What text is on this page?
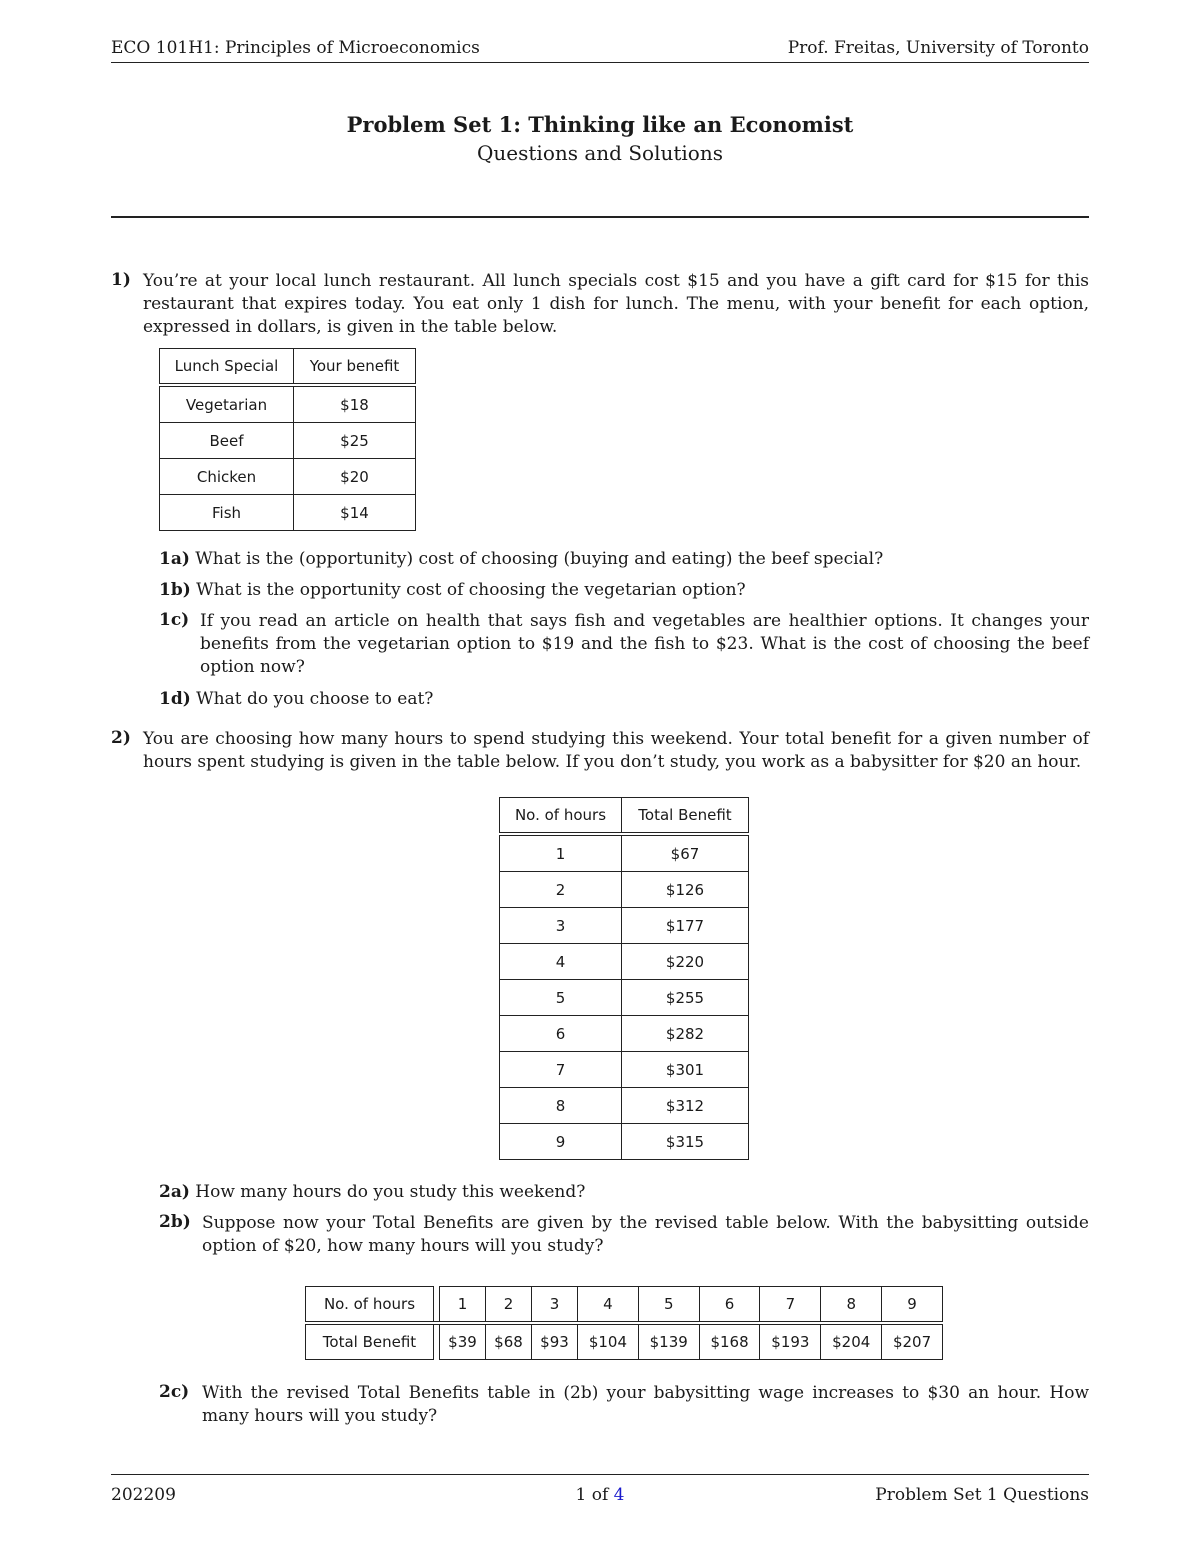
ECO 101H1: Principles of Microeconomics	Prof. Freitas, University of Toronto
Problem Set 1: Thinking like an Economist
Questions and Solutions
1) You’re at your local lunch restaurant. All lunch specials cost $15 and you have a gift card for $15 for this restaurant that expires today. You eat only 1 dish for lunch. The menu, with your benefit for each option, expressed in dollars, is given in the table below.
Lunch Special	Your benefit

Vegetarian	$18
Beef	$25
Chicken	$20
Fish	$14
1a) What is the (opportunity) cost of choosing (buying and eating) the beef special?
1b) What is the opportunity cost of choosing the vegetarian option?
1c) If you read an article on health that says fish and vegetables are healthier options. It changes your benefits from the vegetarian option to $19 and the fish to $23. What is the cost of choosing the beef option now?
1d) What do you choose to eat?
2) You are choosing how many hours to spend studying this weekend. Your total benefit for a given number of hours spent studying is given in the table below. If you don’t study, you work as a babysitter for $20 an hour.
No. of hours	Total Benefit

1	$67
2	$126
3	$177
4	$220
5	$255
6	$282
7	$301
8	$312
9	$315
2a) How many hours do you study this weekend?
2b) Suppose now your Total Benefits are given by the revised table below. With the babysitting outside option of $20, how many hours will you study?
No. of hours		1	2	3	4	5	6	7	8	9

Total Benefit		$39	$68	$93	$104	$139	$168	$193	$204	$207
2c) With the revised Total Benefits table in (2b) your babysitting wage increases to $30 an hour. How many hours will you study?
202209	1 of 4	Problem Set 1 Questions
